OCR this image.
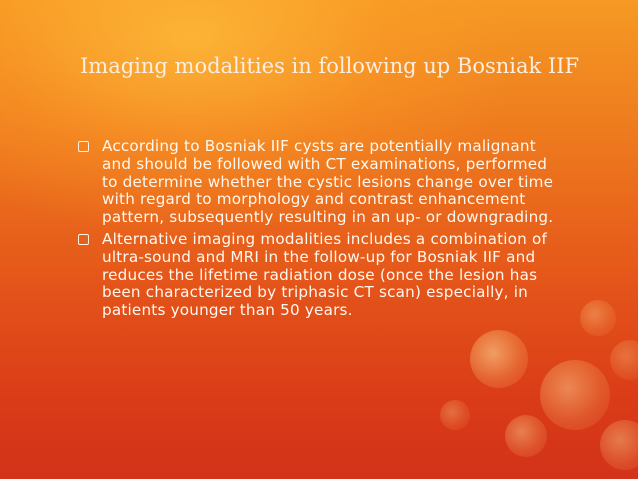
Imaging modalities in following up Bosniak IIF
According to Bosniak IIF cysts are potentially malignant and should be followed with CT examinations, performed to determine whether the cystic lesions change over time with regard to morphology and contrast enhancement pattern, subsequently resulting in an up- or downgrading.
Alternative imaging modalities includes a combination of ultra-sound and MRI in the follow-up for Bosniak IIF and reduces the lifetime radiation dose (once the lesion has been characterized by triphasic CT scan) especially, in patients younger than 50 years.
